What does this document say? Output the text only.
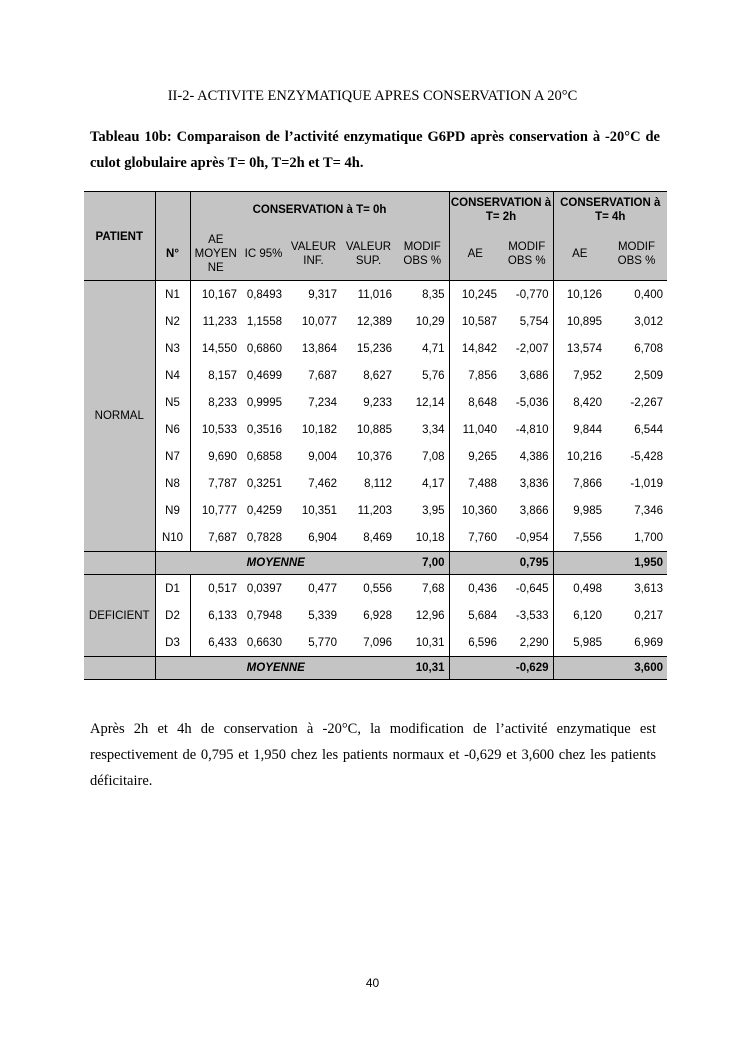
II-2- ACTIVITE ENZYMATIQUE APRES CONSERVATION A 20°C
Tableau 10b: Comparaison de l’activité enzymatique G6PD après conservation à -20°C de culot globulaire après T= 0h, T=2h et T= 4h.
		CONSERVATION à T= 0h					CONSERVATION à T= 2h		CONSERVATION à T= 4h	
PATIENT	N°	AE MOYEN NE	IC 95%	VALEUR INF.	VALEUR SUP.	MODIF OBS %	AE	MODIF OBS %	AE	MODIF OBS %
NORMAL	N1	10,167	0,8493	9,317	11,016	8,35	10,245	-0,770	10,126	0,400
	N2	11,233	1,1558	10,077	12,389	10,29	10,587	5,754	10,895	3,012
	N3	14,550	0,6860	13,864	15,236	4,71	14,842	-2,007	13,574	6,708
	N4	8,157	0,4699	7,687	8,627	5,76	7,856	3,686	7,952	2,509
	N5	8,233	0,9995	7,234	9,233	12,14	8,648	-5,036	8,420	-2,267
	N6	10,533	0,3516	10,182	10,885	3,34	11,040	-4,810	9,844	6,544
	N7	9,690	0,6858	9,004	10,376	7,08	9,265	4,386	10,216	-5,428
	N8	7,787	0,3251	7,462	8,112	4,17	7,488	3,836	7,866	-1,019
	N9	10,777	0,4259	10,351	11,203	3,95	10,360	3,866	9,985	7,346
	N10	7,687	0,7828	6,904	8,469	10,18	7,760	-0,954	7,556	1,700
	MOYENNE					7,00		0,795		1,950
DEFICIENT	D1	0,517	0,0397	0,477	0,556	7,68	0,436	-0,645	0,498	3,613
	D2	6,133	0,7948	5,339	6,928	12,96	5,684	-3,533	6,120	0,217
	D3	6,433	0,6630	5,770	7,096	10,31	6,596	2,290	5,985	6,969
	MOYENNE					10,31		-0,629		3,600
Après 2h et 4h de conservation à -20°C, la modification de l’activité enzymatique est respectivement de 0,795 et 1,950 chez les patients normaux et -0,629 et 3,600 chez les patients déficitaire.
40
